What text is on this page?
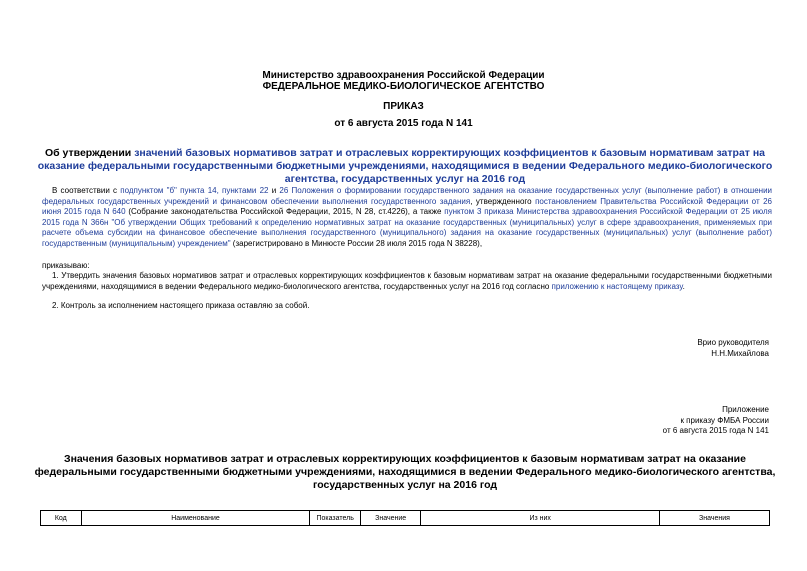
Министерство здравоохранения Российской Федерации
ФЕДЕРАЛЬНОЕ МЕДИКО-БИОЛОГИЧЕСКОЕ АГЕНТСТВО
ПРИКАЗ
от 6 августа 2015 года N 141
Об утверждении значений базовых нормативов затрат и отраслевых корректирующих коэффициентов к базовым нормативам затрат на оказание федеральными государственными бюджетными учреждениями, находящимися в ведении Федерального медико-биологического агентства, государственных услуг на 2016 год
В соответствии с подпунктом "б" пункта 14, пунктами 22 и 26 Положения о формировании государственного задания на оказание государственных услуг (выполнение работ) в отношении федеральных государственных учреждений и финансовом обеспечении выполнения государственного задания, утвержденного постановлением Правительства Российской Федерации от 26 июня 2015 года N 640 (Собрание законодательства Российской Федерации, 2015, N 28, ст.4226), а также пунктом 3 приказа Министерства здравоохранения Российской Федерации от 25 июля 2015 года N 366н "Об утверждении Общих требований к определению нормативных затрат на оказание государственных (муниципальных) услуг в сфере здравоохранения, применяемых при расчете объема субсидии на финансовое обеспечение выполнения государственного (муниципального) задания на оказание государственных (муниципальных) услуг (выполнение работ) государственным (муниципальным) учреждением" (зарегистрировано в Минюсте России 28 июля 2015 года N 38228),
приказываю:
1. Утвердить значения базовых нормативов затрат и отраслевых корректирующих коэффициентов к базовым нормативам затрат на оказание федеральными государственными бюджетными учреждениями, находящимися в ведении Федерального медико-биологического агентства, государственных услуг на 2016 год согласно приложению к настоящему приказу.
2. Контроль за исполнением настоящего приказа оставляю за собой.
Врио руководителя
Н.Н.Михайлова
Приложение
к приказу ФМБА России
от 6 августа 2015 года N 141
Значения базовых нормативов затрат и отраслевых корректирующих коэффициентов к базовым нормативам затрат на оказание федеральными государственными бюджетными учреждениями, находящимися в ведении Федерального медико-биологического агентства, государственных услуг на 2016 год
Код	Наименование	Показатель	Значение	Из них	Значения
